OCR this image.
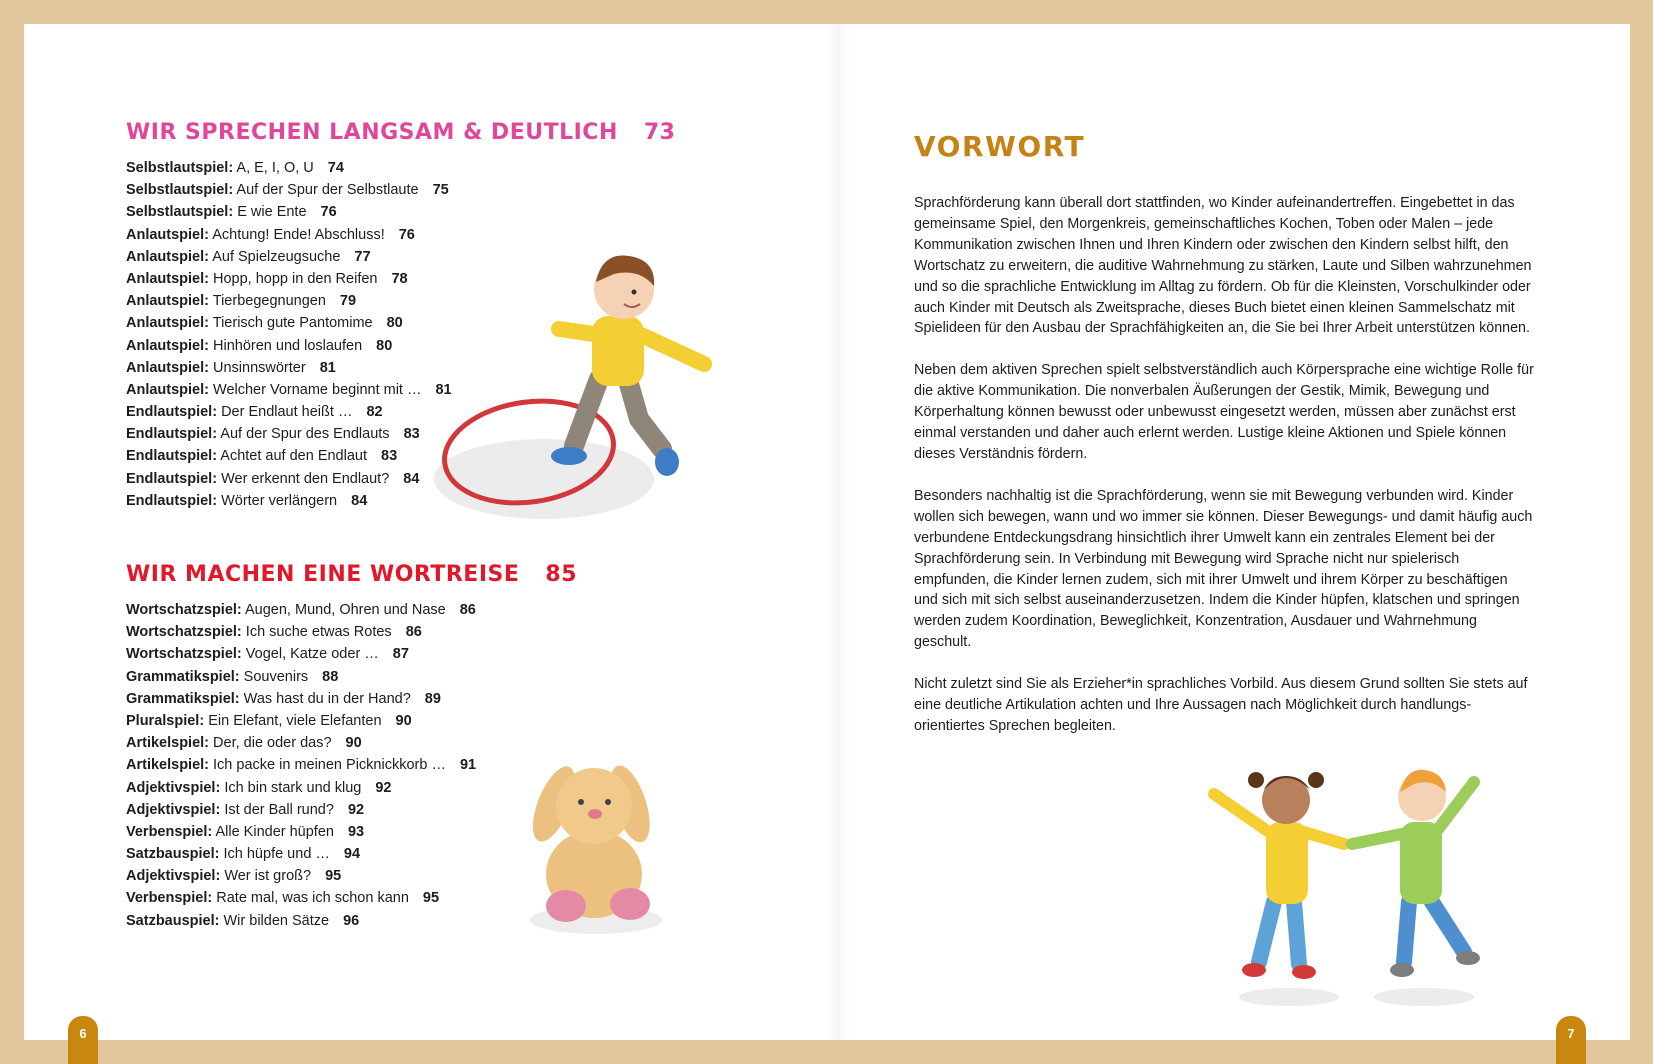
WIR SPRECHEN LANGSAM & DEUTLICH 73
Selbstlautspiel: A, E, I, O, U 74
Selbstlautspiel: Auf der Spur der Selbstlaute 75
Selbstlautspiel: E wie Ente 76
Anlautspiel: Achtung! Ende! Abschluss! 76
Anlautspiel: Auf Spielzeugsuche 77
Anlautspiel: Hopp, hopp in den Reifen 78
Anlautspiel: Tierbegegnungen 79
Anlautspiel: Tierisch gute Pantomime 80
Anlautspiel: Hinhören und loslaufen 80
Anlautspiel: Unsinnswörter 81
Anlautspiel: Welcher Vorname beginnt mit … 81
Endlautspiel: Der Endlaut heißt … 82
Endlautspiel: Auf der Spur des Endlauts 83
Endlautspiel: Achtet auf den Endlaut 83
Endlautspiel: Wer erkennt den Endlaut? 84
Endlautspiel: Wörter verlängern 84
WIR MACHEN EINE WORTREISE 85
Wortschatzspiel: Augen, Mund, Ohren und Nase 86
Wortschatzspiel: Ich suche etwas Rotes 86
Wortschatzspiel: Vogel, Katze oder … 87
Grammatikspiel: Souvenirs 88
Grammatikspiel: Was hast du in der Hand? 89
Pluralspiel: Ein Elefant, viele Elefanten 90
Artikelspiel: Der, die oder das? 90
Artikelspiel: Ich packe in meinen Picknickkorb … 91
Adjektivspiel: Ich bin stark und klug 92
Adjektivspiel: Ist der Ball rund? 92
Verbenspiel: Alle Kinder hüpfen 93
Satzbauspiel: Ich hüpfe und … 94
Adjektivspiel: Wer ist groß? 95
Verbenspiel: Rate mal, was ich schon kann 95
Satzbauspiel: Wir bilden Sätze 96
VORWORT

Sprachförderung kann überall dort stattfinden, wo Kinder aufeinandertreffen. Eingebettet in das gemeinsame Spiel, den Morgenkreis, gemeinschaftliches Kochen, Toben oder Malen – jede Kommunikation zwischen Ihnen und Ihren Kindern oder zwischen den Kindern selbst hilft, den Wortschatz zu erweitern, die auditive Wahrnehmung zu stärken, Laute und Silben wahrzunehmen und so die sprachliche Entwicklung im Alltag zu fördern. Ob für die Kleinsten, Vorschulkinder oder auch Kinder mit Deutsch als Zweitsprache, dieses Buch bietet einen kleinen Sammelschatz mit Spielideen für den Ausbau der Sprachfähigkeiten an, die Sie bei Ihrer Arbeit unterstützen können.

Neben dem aktiven Sprechen spielt selbstverständlich auch Körpersprache eine wichtige Rolle für die aktive Kommunikation. Die nonverbalen Äußerungen der Gestik, Mimik, Bewegung und Körperhaltung können bewusst oder unbewusst eingesetzt werden, müssen aber zunächst erst einmal verstanden und daher auch erlernt werden. Lustige kleine Aktionen und Spiele können dieses Verständnis fördern.

Besonders nachhaltig ist die Sprachförderung, wenn sie mit Bewegung verbunden wird. Kinder wollen sich bewegen, wann und wo immer sie können. Dieser Bewegungs- und damit häufig auch verbundene Entdeckungsdrang hinsichtlich ihrer Umwelt kann ein zentrales Element bei der Sprachförderung sein. In Verbindung mit Bewegung wird Sprache nicht nur spielerisch empfunden, die Kinder lernen zudem, sich mit ihrer Umwelt und ihrem Körper zu beschäftigen und sich mit sich selbst auseinanderzusetzen. Indem die Kinder hüpfen, klatschen und springen werden zudem Koordination, Beweglichkeit, Konzentration, Ausdauer und Wahrnehmung geschult.

Nicht zuletzt sind Sie als Erzieher*in sprachliches Vorbild. Aus diesem Grund sollten Sie stets auf eine deutliche Artikulation achten und Ihre Aussagen nach Möglichkeit durch handlungsorientiertes Sprechen begleiten.

6	7
